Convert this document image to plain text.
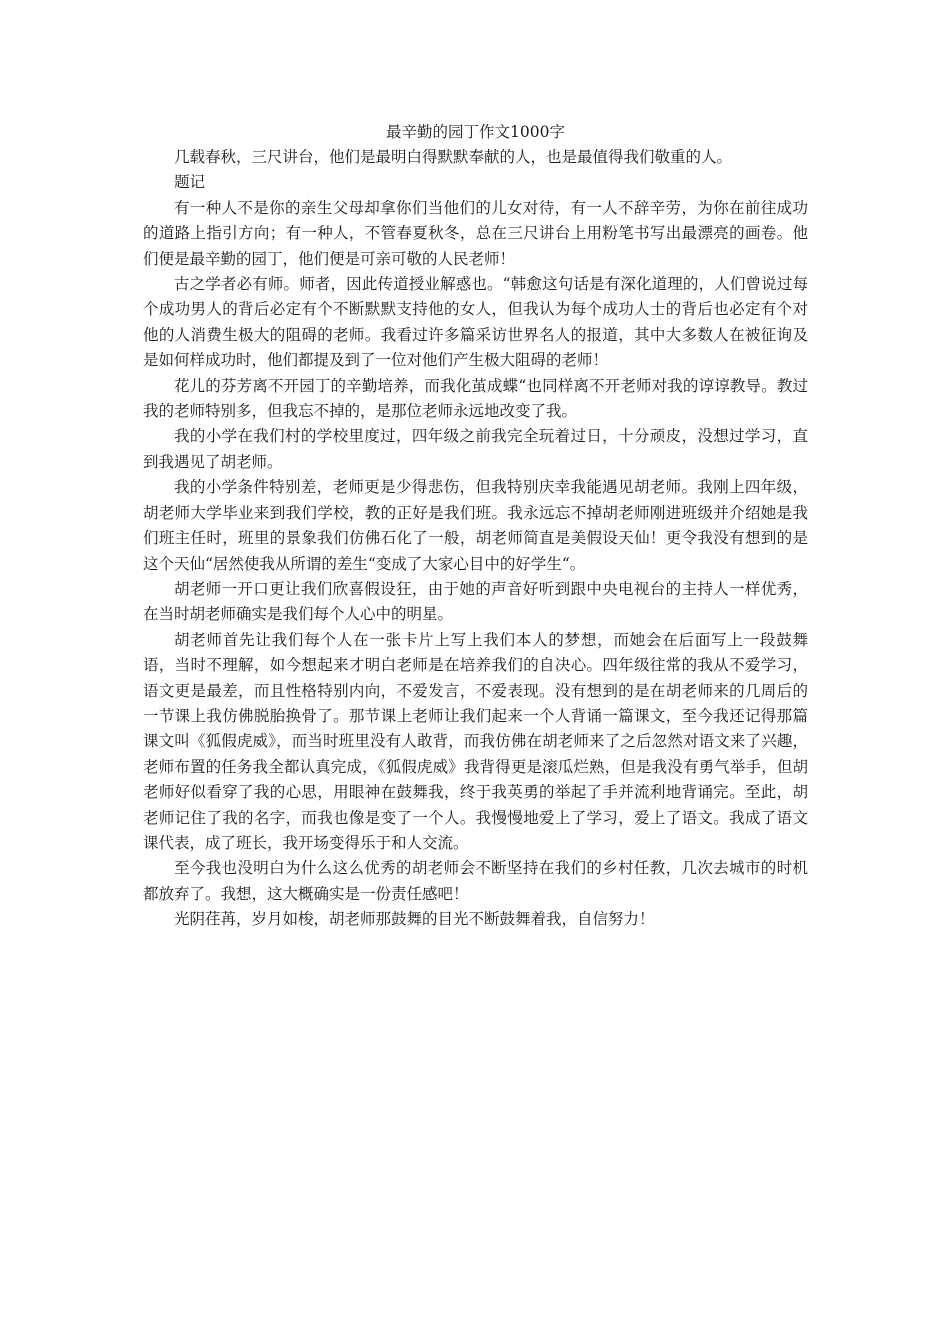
最辛勤的园丁作文1000字

几载春秋，三尺讲台，他们是最明白得默默奉献的人，也是最值得我们敬重的人。

题记

有一种人不是你的亲生父母却拿你们当他们的儿女对待，有一人不辞辛劳，为你在前往成功的道路上指引方向；有一种人，不管春夏秋冬，总在三尺讲台上用粉笔书写出最漂亮的画卷。他们便是最辛勤的园丁，他们便是可亲可敬的人民老师！

古之学者必有师。师者，因此传道授业解惑也。“韩愈这句话是有深化道理的，人们曾说过每个成功男人的背后必定有个不断默默支持他的女人，但我认为每个成功人士的背后也必定有个对他的人消费生极大的阻碍的老师。我看过许多篇采访世界名人的报道，其中大多数人在被征询及是如何样成功时，他们都提及到了一位对他们产生极大阻碍的老师！

花儿的芬芳离不开园丁的辛勤培养，而我化茧成蝶“也同样离不开老师对我的谆谆教导。教过我的老师特别多，但我忘不掉的，是那位老师永远地改变了我。

我的小学在我们村的学校里度过，四年级之前我完全玩着过日，十分顽皮，没想过学习，直到我遇见了胡老师。

我的小学条件特别差，老师更是少得悲伤，但我特别庆幸我能遇见胡老师。我刚上四年级，胡老师大学毕业来到我们学校，教的正好是我们班。我永远忘不掉胡老师刚进班级并介绍她是我们班主任时，班里的景象我们仿佛石化了一般，胡老师简直是美假设天仙！更令我没有想到的是这个天仙“居然使我从所谓的差生“变成了大家心目中的好学生“。

胡老师一开口更让我们欣喜假设狂，由于她的声音好听到跟中央电视台的主持人一样优秀，在当时胡老师确实是我们每个人心中的明星。

胡老师首先让我们每个人在一张卡片上写上我们本人的梦想，而她会在后面写上一段鼓舞语，当时不理解，如今想起来才明白老师是在培养我们的自决心。四年级往常的我从不爱学习，语文更是最差，而且性格特别内向，不爱发言，不爱表现。没有想到的是在胡老师来的几周后的一节课上我仿佛脱胎换骨了。那节课上老师让我们起来一个人背诵一篇课文，至今我还记得那篇课文叫《狐假虎威》，而当时班里没有人敢背，而我仿佛在胡老师来了之后忽然对语文来了兴趣，老师布置的任务我全都认真完成，《狐假虎威》我背得更是滚瓜烂熟，但是我没有勇气举手，但胡老师好似看穿了我的心思，用眼神在鼓舞我，终于我英勇的举起了手并流利地背诵完。至此，胡老师记住了我的名字，而我也像是变了一个人。我慢慢地爱上了学习，爱上了语文。我成了语文课代表，成了班长，我开场变得乐于和人交流。

至今我也没明白为什么这么优秀的胡老师会不断坚持在我们的乡村任教，几次去城市的时机都放弃了。我想，这大概确实是一份责任感吧！

光阴荏苒，岁月如梭，胡老师那鼓舞的目光不断鼓舞着我，自信努力！
